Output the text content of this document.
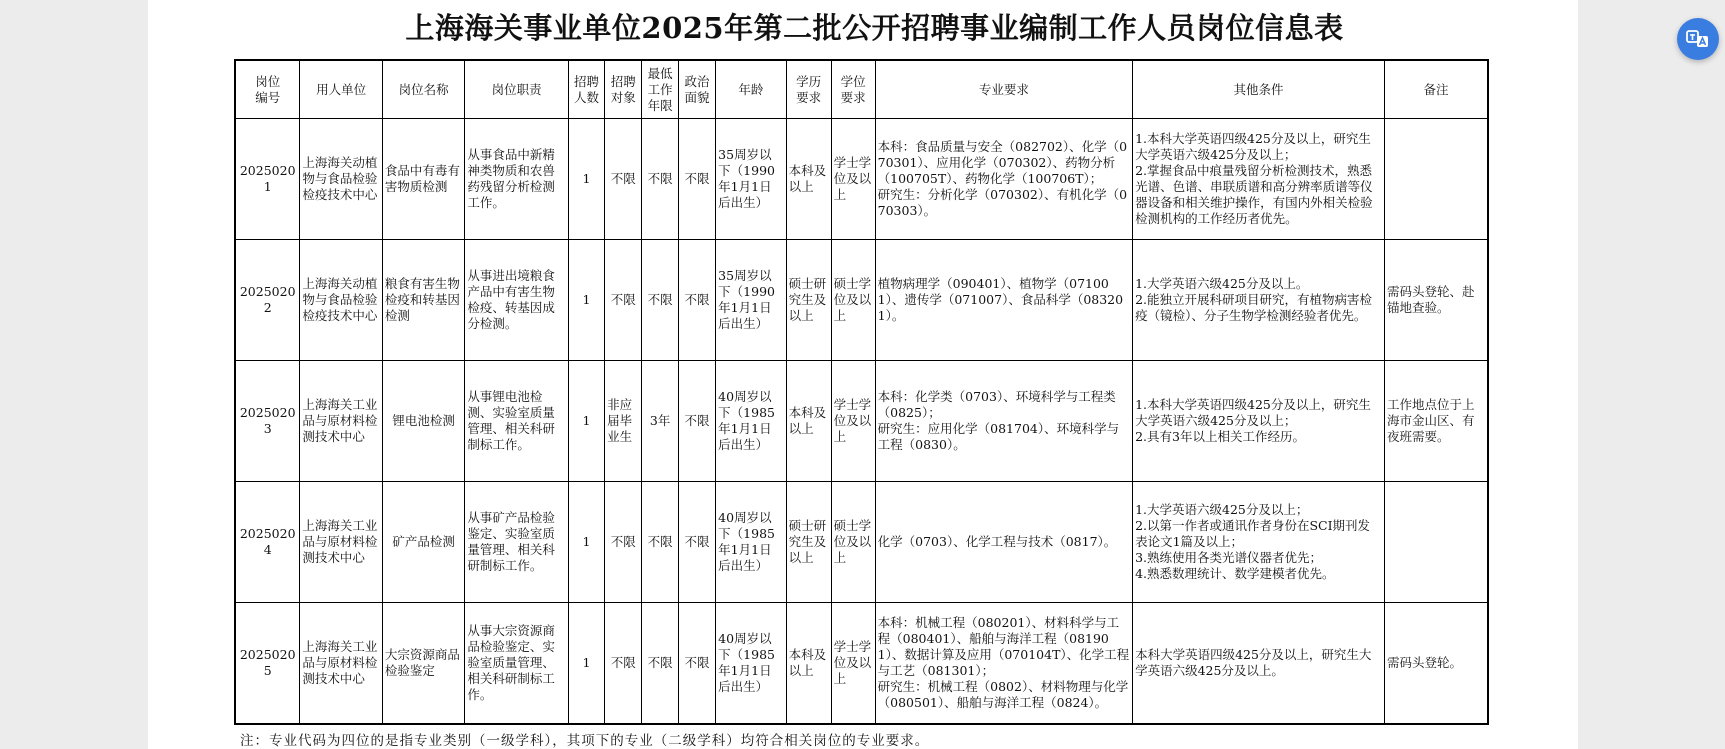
上海海关事业单位2025年第二批公开招聘事业编制工作人员岗位信息表
岗位编号	用人单位	岗位名称	岗位职责	招聘人数	招聘对象	最低工作年限	政治面貌	年龄	学历要求	学位要求	专业要求	其他条件	备注
20250201	上海海关动植物与食品检验检疫技术中心	食品中有毒有害物质检测	从事食品中新精神类物质和农兽药残留分析检测工作。	1	不限	不限	不限	35周岁以下（1990年1月1日后出生）	本科及以上	学士学位及以上	本科：食品质量与安全（082702）、化学（070301）、应用化学（070302）、药物分析（100705T）、药物化学（100706T）；
研究生：分析化学（070302）、有机化学（070303）。	1.本科大学英语四级425分及以上，研究生大学英语六级425分及以上；
2.掌握食品中痕量残留分析检测技术，熟悉光谱、色谱、串联质谱和高分辨率质谱等仪器设备和相关维护操作，有国内外相关检验检测机构的工作经历者优先。	
20250202	上海海关动植物与食品检验检疫技术中心	粮食有害生物检疫和转基因检测	从事进出境粮食产品中有害生物检疫、转基因成分检测。	1	不限	不限	不限	35周岁以下（1990年1月1日后出生）	硕士研究生及以上	硕士学位及以上	植物病理学（090401）、植物学（071001）、遗传学（071007）、食品科学（083201）。	1.大学英语六级425分及以上。
2.能独立开展科研项目研究，有植物病害检疫（镜检）、分子生物学检测经验者优先。	需码头登轮、赴锚地查验。
20250203	上海海关工业品与原材料检测技术中心	锂电池检测	从事锂电池检测、实验室质量管理、相关科研制标工作。	1	非应届毕业生	3年	不限	40周岁以下（1985年1月1日后出生）	本科及以上	学士学位及以上	本科：化学类（0703）、环境科学与工程类（0825）；
研究生：应用化学（081704）、环境科学与工程（0830）。	1.本科大学英语四级425分及以上，研究生大学英语六级425分及以上；
2.具有3年以上相关工作经历。	工作地点位于上海市金山区、有夜班需要。
20250204	上海海关工业品与原材料检测技术中心	矿产品检测	从事矿产品检验鉴定、实验室质量管理、相关科研制标工作。	1	不限	不限	不限	40周岁以下（1985年1月1日后出生）	硕士研究生及以上	硕士学位及以上	化学（0703）、化学工程与技术（0817）。	1.大学英语六级425分及以上；
2.以第一作者或通讯作者身份在SCI期刊发表论文1篇及以上；
3.熟练使用各类光谱仪器者优先；
4.熟悉数理统计、数学建模者优先。	
20250205	上海海关工业品与原材料检测技术中心	大宗资源商品检验鉴定	从事大宗资源商品检验鉴定、实验室质量管理、相关科研制标工作。	1	不限	不限	不限	40周岁以下（1985年1月1日后出生）	本科及以上	学士学位及以上	本科：机械工程（080201）、材料科学与工程（080401）、船舶与海洋工程（081901）、数据计算及应用（070104T）、化学工程与工艺（081301）；
研究生：机械工程（0802）、材料物理与化学（080501）、船舶与海洋工程（0824）。	本科大学英语四级425分及以上，研究生大学英语六级425分及以上。	需码头登轮。
注：专业代码为四位的是指专业类别（一级学科），其项下的专业（二级学科）均符合相关岗位的专业要求。
